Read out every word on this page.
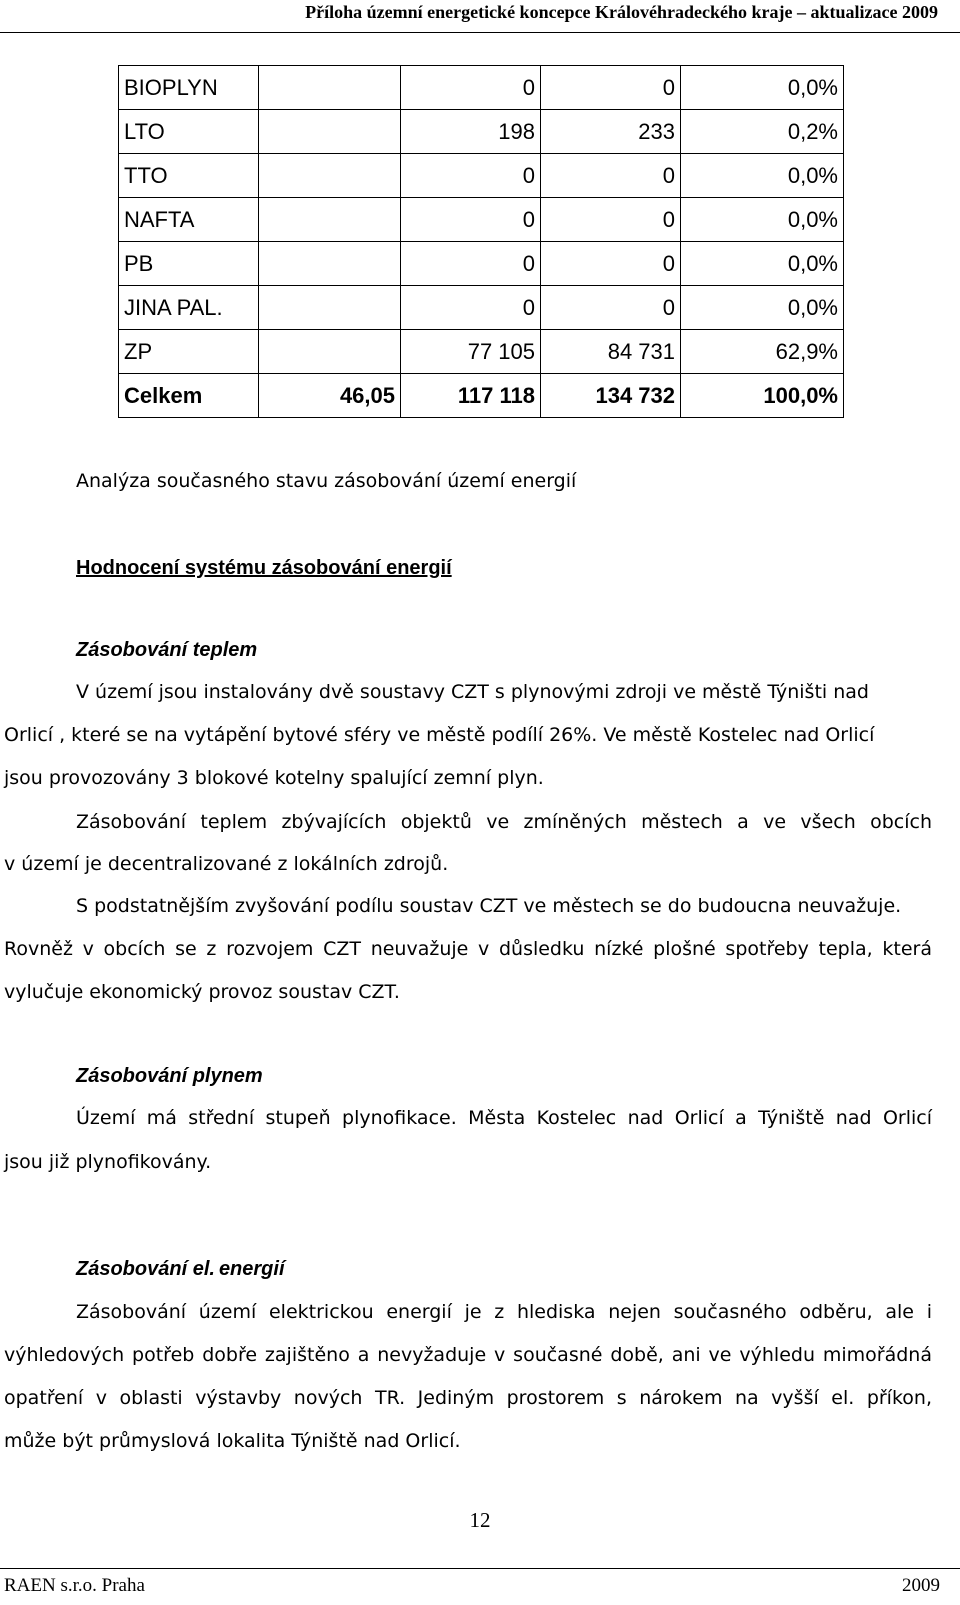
Příloha územní energetické koncepce Královéhradeckého kraje – aktualizace 2009
BIOPLYN		0	0	0,0%
LTO		198	233	0,2%
TTO		0	0	0,0%
NAFTA		0	0	0,0%
PB		0	0	0,0%
JINA PAL.		0	0	0,0%
ZP		77 105	84 731	62,9%
Celkem	46,05	117 118	134 732	100,0%
Analýza současného stavu zásobování území energií
Hodnocení systému zásobování energií
Zásobování teplem
V území jsou instalovány dvě soustavy CZT s plynovými zdroji ve městě Týništi nad
Orlicí , které se na vytápění bytové sféry ve městě podílí 26%. Ve městě Kostelec nad Orlicí
jsou provozovány 3 blokové kotelny spalující zemní plyn.
Zásobování teplem zbývajících objektů ve zmíněných městech a ve všech obcích
v území je decentralizované z lokálních zdrojů.
S podstatnějším zvyšování podílu soustav CZT ve městech se do budoucna neuvažuje.
Rovněž v obcích se z rozvojem CZT neuvažuje v důsledku nízké plošné spotřeby tepla, která
vylučuje ekonomický provoz soustav CZT.
Zásobování plynem
Území má střední stupeň plynofikace. Města Kostelec nad Orlicí a Týniště nad Orlicí
jsou již plynofikovány.
Zásobování el. energií
Zásobování území elektrickou energií je z hlediska nejen současného odběru, ale i
výhledových potřeb dobře zajištěno a nevyžaduje v současné době, ani ve výhledu mimořádná
opatření v oblasti výstavby nových TR. Jediným prostorem s nárokem na vyšší el. příkon,
může být průmyslová lokalita Týniště nad Orlicí.
12
RAEN s.r.o. Praha	2009
